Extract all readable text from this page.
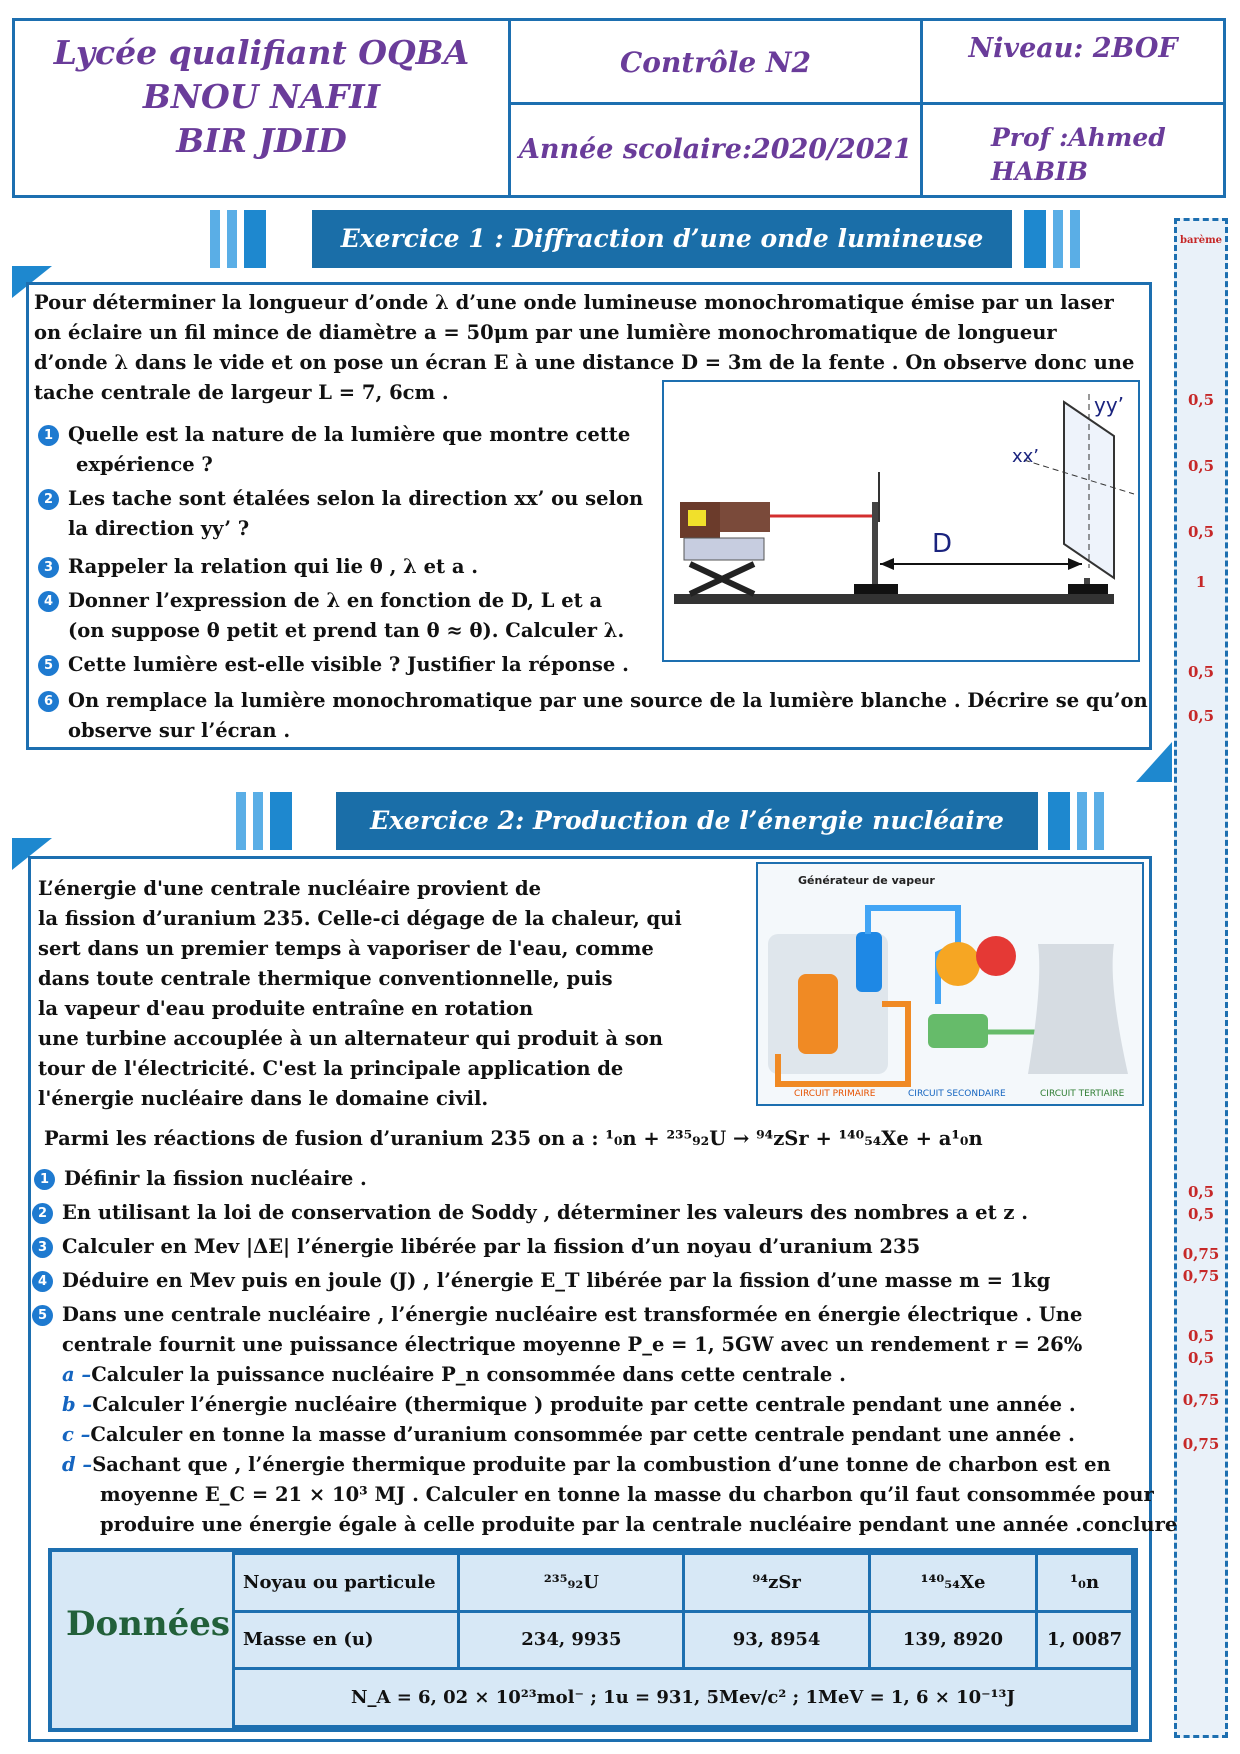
Lycée qualifiant OQBA
BNOU NAFII
BIR JDID
Contrôle N2
Année scolaire:2020/2021
Niveau: 2BOF
Prof :Ahmed
HABIB
barème
0,5
0,5
0,5
1
0,5
0,5
0,5
0,5
0,75
0,75
0,5
0,5
0,75
0,75
Exercice 1 : Diffraction d’une onde lumineuse
Pour déterminer la longueur d’onde λ d’une onde lumineuse monochromatique émise par un laser
on éclaire un fil mince de diamètre a = 50μm par une lumière monochromatique de longueur
d’onde λ dans le vide et on pose un écran E à une distance D = 3m de la fente . On observe donc une
tache centrale de largeur L = 7, 6cm .
D
yy’
xx’
1 Quelle est la nature de la lumière que montre cette
expérience ?
2 Les tache sont étalées selon la direction xx’ ou selon
la direction yy’ ?
3 Rappeler la relation qui lie θ , λ et a .
4 Donner l’expression de λ en fonction de D, L et a
(on suppose θ petit et prend tan θ ≈ θ). Calculer λ.
5 Cette lumière est-elle visible ? Justifier la réponse .
6 On remplace la lumière monochromatique par une source de la lumière blanche . Décrire se qu’on
observe sur l’écran .
Exercice 2: Production de l’énergie nucléaire
L’énergie d'une centrale nucléaire provient de
la fission d’uranium 235. Celle-ci dégage de la chaleur, qui
sert dans un premier temps à vaporiser de l'eau, comme
dans toute centrale thermique conventionnelle, puis
la vapeur d'eau produite entraîne en rotation
une turbine accouplée à un alternateur qui produit à son
tour de l'électricité. C'est la principale application de
l'énergie nucléaire dans le domaine civil.
Générateur de vapeur
CIRCUIT PRIMAIRE	CIRCUIT SECONDAIRE	CIRCUIT TERTIAIRE
Parmi les réactions de fusion d’uranium 235 on a : ¹₀n + ²³⁵₉₂U → ⁹⁴zSr + ¹⁴⁰₅₄Xe + a¹₀n
1 Définir la fission nucléaire .
2 En utilisant la loi de conservation de Soddy , déterminer les valeurs des nombres a et z .
3 Calculer en Mev |ΔE| l’énergie libérée par la fission d’un noyau d’uranium 235
4 Déduire en Mev puis en joule (J) , l’énergie E_T libérée par la fission d’une masse m = 1kg
5 Dans une centrale nucléaire , l’énergie nucléaire est transformée en énergie électrique . Une
centrale fournit une puissance électrique moyenne P_e = 1, 5GW avec un rendement r = 26%
a –Calculer la puissance nucléaire P_n consommée dans cette centrale .
b –Calculer l’énergie nucléaire (thermique ) produite par cette centrale pendant une année .
c –Calculer en tonne la masse d’uranium consommée par cette centrale pendant une année .
d –Sachant que , l’énergie thermique produite par la combustion d’une tonne de charbon est en
moyenne E_C = 21 × 10³ MJ . Calculer en tonne la masse du charbon qu’il faut consommée pour
produire une énergie égale à celle produite par la centrale nucléaire pendant une année .conclure
Données
Noyau ou particule	²³⁵₉₂U	⁹⁴zSr	¹⁴⁰₅₄Xe	¹₀n
Masse en (u)	234, 9935	93, 8954	139, 8920	1, 0087
N_A = 6, 02 × 10²³mol⁻ ; 1u = 931, 5Mev/c² ; 1MeV = 1, 6 × 10⁻¹³J				
